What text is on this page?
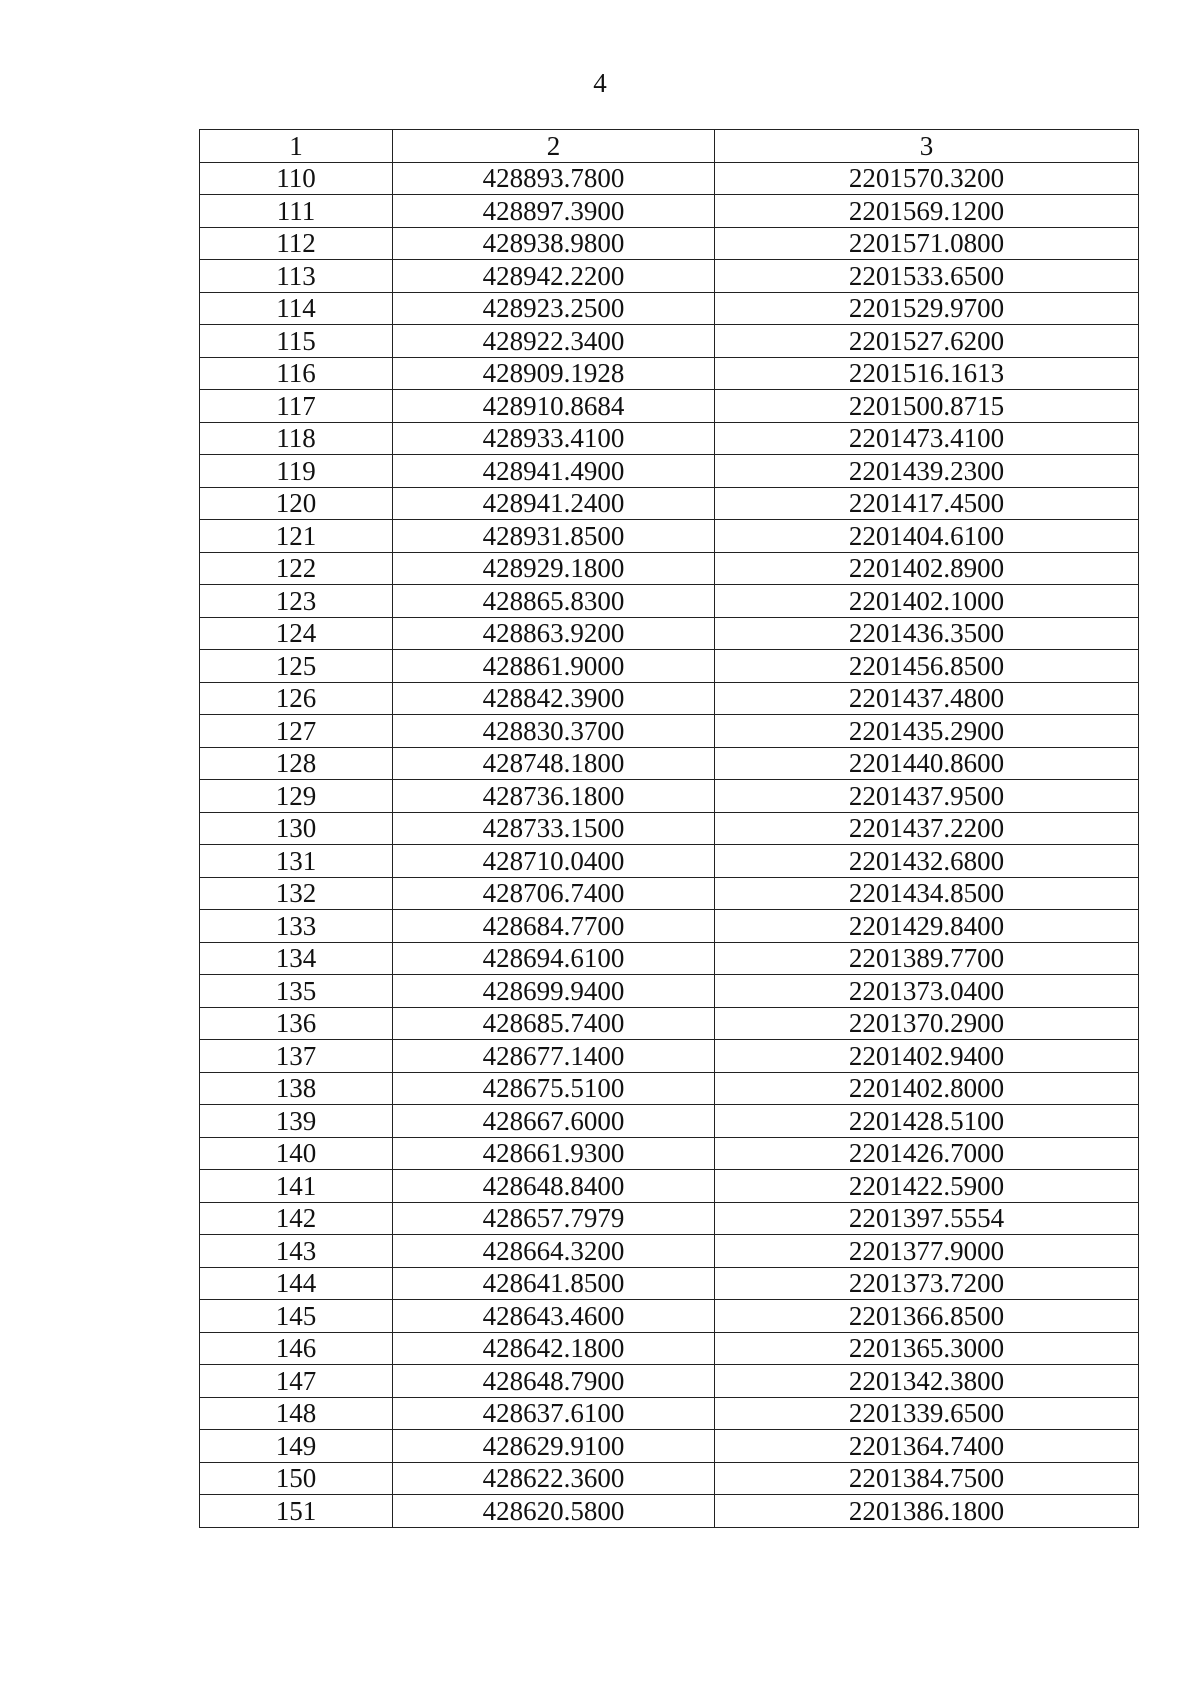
4
1	2	3
110	428893.7800	2201570.3200
111	428897.3900	2201569.1200
112	428938.9800	2201571.0800
113	428942.2200	2201533.6500
114	428923.2500	2201529.9700
115	428922.3400	2201527.6200
116	428909.1928	2201516.1613
117	428910.8684	2201500.8715
118	428933.4100	2201473.4100
119	428941.4900	2201439.2300
120	428941.2400	2201417.4500
121	428931.8500	2201404.6100
122	428929.1800	2201402.8900
123	428865.8300	2201402.1000
124	428863.9200	2201436.3500
125	428861.9000	2201456.8500
126	428842.3900	2201437.4800
127	428830.3700	2201435.2900
128	428748.1800	2201440.8600
129	428736.1800	2201437.9500
130	428733.1500	2201437.2200
131	428710.0400	2201432.6800
132	428706.7400	2201434.8500
133	428684.7700	2201429.8400
134	428694.6100	2201389.7700
135	428699.9400	2201373.0400
136	428685.7400	2201370.2900
137	428677.1400	2201402.9400
138	428675.5100	2201402.8000
139	428667.6000	2201428.5100
140	428661.9300	2201426.7000
141	428648.8400	2201422.5900
142	428657.7979	2201397.5554
143	428664.3200	2201377.9000
144	428641.8500	2201373.7200
145	428643.4600	2201366.8500
146	428642.1800	2201365.3000
147	428648.7900	2201342.3800
148	428637.6100	2201339.6500
149	428629.9100	2201364.7400
150	428622.3600	2201384.7500
151	428620.5800	2201386.1800
